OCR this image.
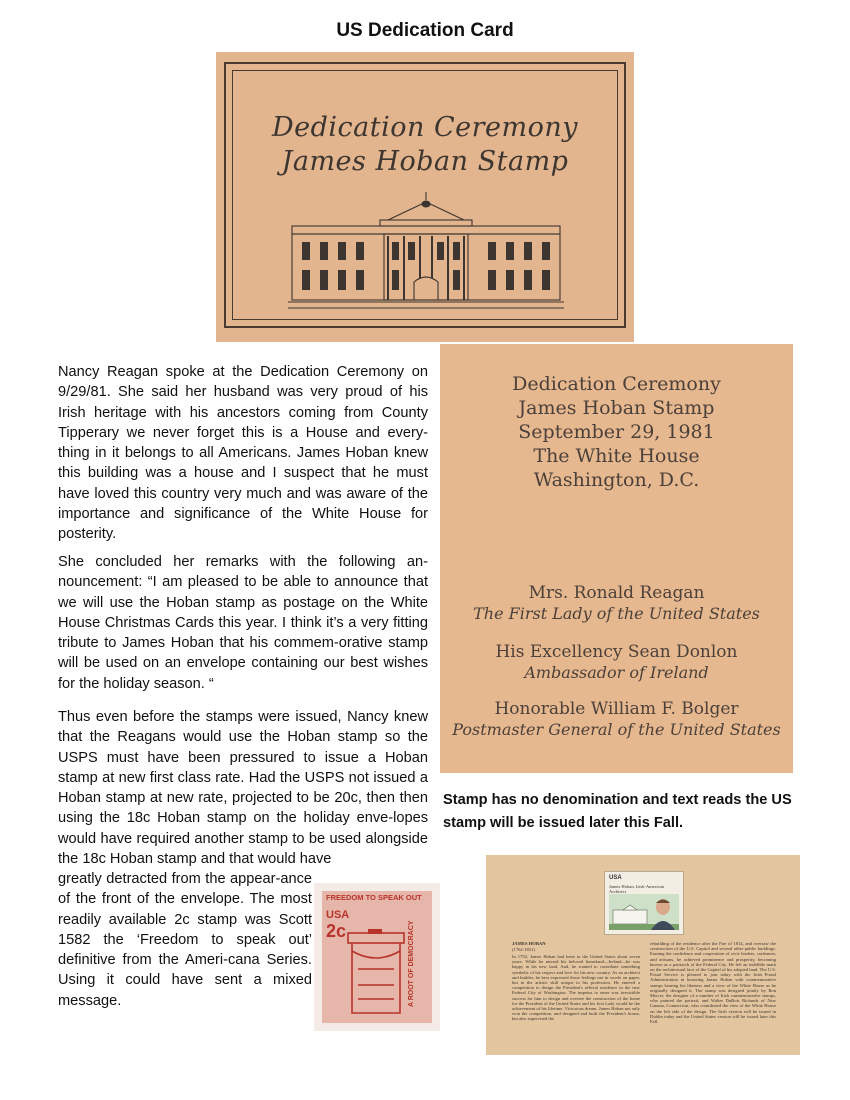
US Dedication Card
Dedication Ceremony
James Hoban Stamp

Nancy Reagan spoke at the Dedication Ceremony on 9/29/81. She said her husband was very proud of his Irish heritage with his ancestors coming from County Tipperary we never forget this is a House and every-thing in it belongs to all Americans. James Hoban knew this building was a house and I suspect that he must have loved this country very much and was aware of the importance and significance of the White House for posterity.

She concluded her remarks with the following an-nouncement: “I am pleased to be able to announce that we will use the Hoban stamp as postage on the White House Christmas Cards this year. I think it’s a very fitting tribute to James Hoban that his commem-orative stamp will be used on an envelope containing our best wishes for the holiday season. “

Thus even before the stamps were issued, Nancy knew that the Reagans would use the Hoban stamp so the USPS must have been pressured to issue a Hoban stamp at new first class rate. Had the USPS not issued a Hoban stamp at new rate, projected to be 20c, then then using the 18c Hoban stamp on the holiday enve-lopes would have required another stamp to be used alongside the 18c Hoban stamp and that would have

greatly detracted from the appear-ance of the front of the envelope. The most readily available 2c stamp was Scott 1582 the ‘Freedom to speak out’ definitive from the Ameri-cana Series. Using it could have sent a mixed message.

Dedication Ceremony
James Hoban Stamp
September 29, 1981
The White House
Washington, D.C.
Mrs. Ronald Reagan
The First Lady of the United States
His Excellency Sean Donlon
Ambassador of Ireland
Honorable William F. Bolger
Postmaster General of the United States
Stamp has no denomination and text reads the US stamp will be issued later this Fall.
FREEDOM TO SPEAK OUT
USA
2c	A ROOT OF DEMOCRACY
USA
James Hoban, Irish-American Architect
JAMES HOBAN
(1762-1831)
In 1792, James Hoban had been in the United States about seven years. While he missed his beloved homeland—Ireland—he was happy in his new land. And, he wanted to contribute something symbolic of his respect and love for his new country. As an architect and builder, he best expressed those feelings not in words on paper, but in the artistic skill unique to his profession. He entered a competition to design the President's official residence in the new Federal City of Washington. The impetus to enter was irresistible success for him to design and oversee the construction of the home for the President of the United States and his first Lady would be the achievement of his lifetime. Victorious dream. James Hoban not only won the competition, and designed and built the President's house, but also supervised the
rebuilding of the residence after the Fire of 1814, and oversaw the construction of the U.S. Capitol and several other public buildings. Earning the confidence and cooperation of civic leaders, craftsmen, and artisans, he achieved prominence and prosperity, becoming known as a patriarch of the Federal City. He left an indelible mark on the architectural face of the Capital of his adopted land. The U.S. Postal Service is pleased to join today with the Irish Postal Administration in honoring James Hoban with commemorative stamps bearing his likeness and a view of the White House as he originally designed it. The stamp was designed jointly by Ron Mercer, the designer of a number of Irish commemorative stamps, who painted the portrait, and Walter DuBois Richards of New Canaan, Connecticut, who contributed the view of the White House on the left side of the design. The Irish version will be issued in Dublin today and the United States version will be issued later this Fall.
